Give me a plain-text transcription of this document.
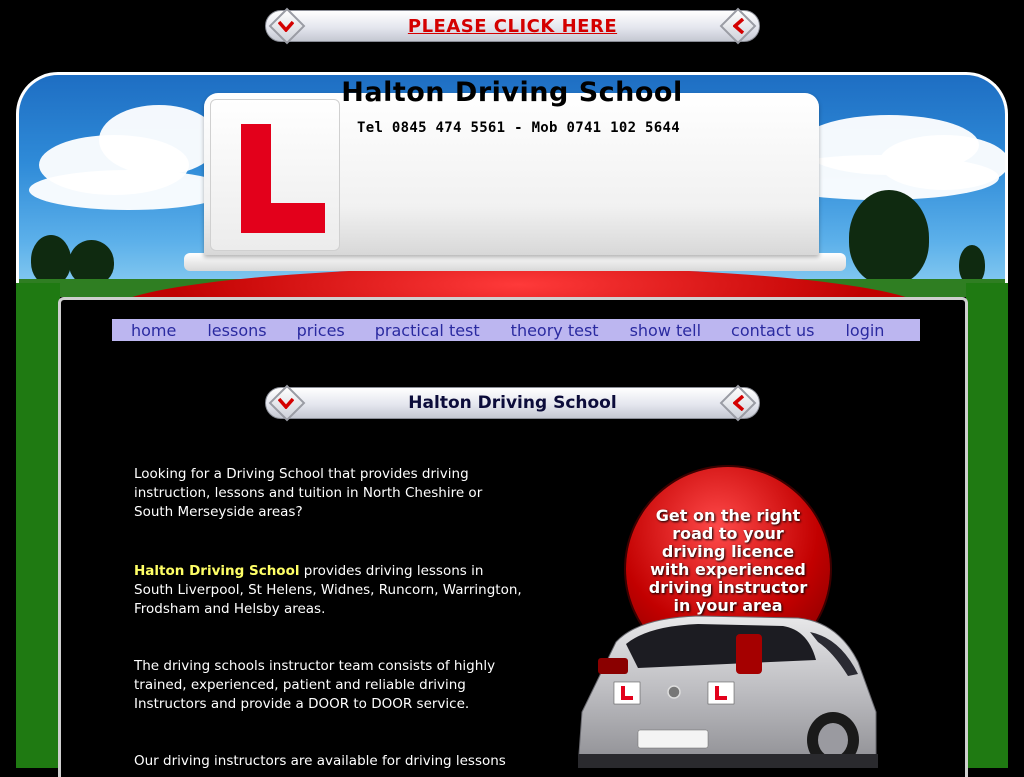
PLEASE CLICK HERE
Halton Driving School
Tel 0845 474 5561 - Mob 0741 102 5644
home lessons prices practical test theory test show tell contact us login
Halton Driving School
Looking for a Driving School that provides driving instruction, lessons and tuition in North Cheshire or South Merseyside areas?
Halton Driving School provides driving lessons in South Liverpool, St Helens, Widnes, Runcorn, Warrington, Frodsham and Helsby areas.
The driving schools instructor team consists of highly trained, experienced, patient and reliable driving Instructors and provide a DOOR to DOOR service.
Our driving instructors are available for driving lessons
Get on the right
road to your
driving licence
with experienced
driving instructor
in your area
